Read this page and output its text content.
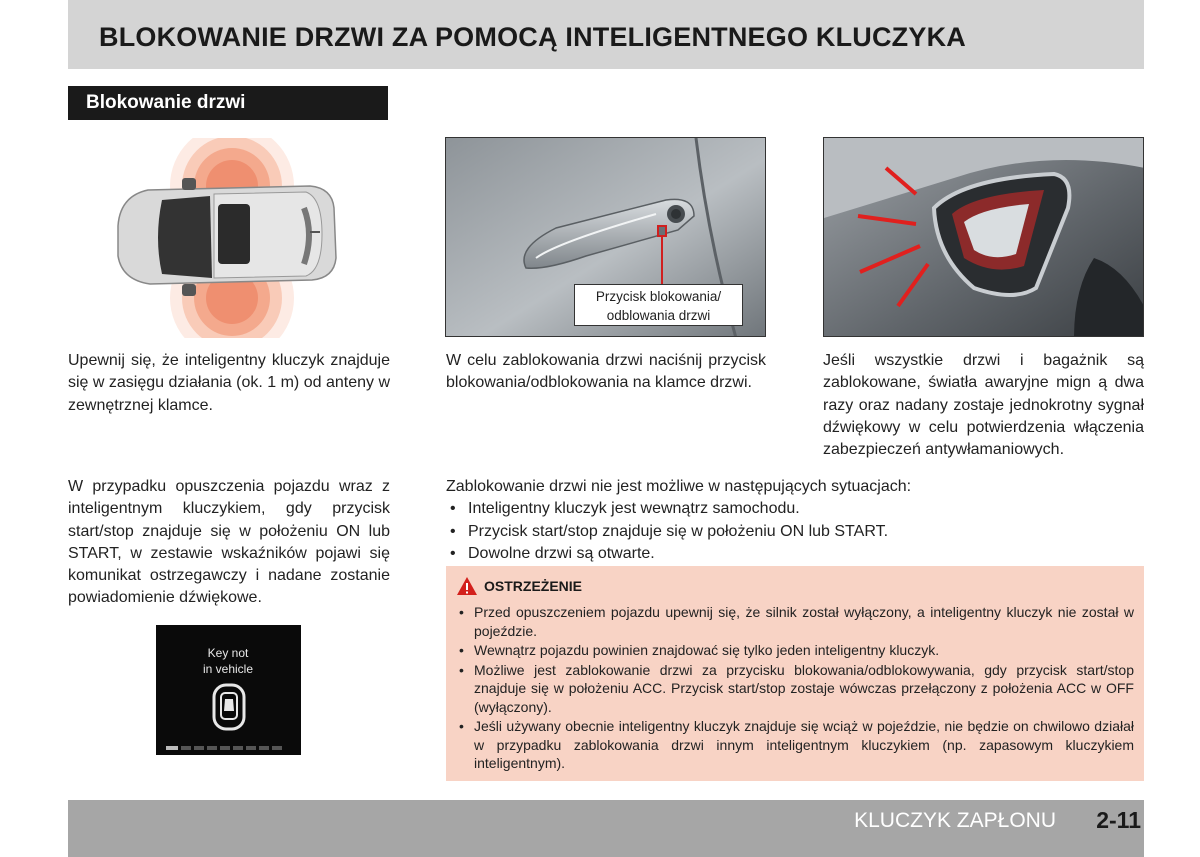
BLOKOWANIE DRZWI ZA POMOCĄ INTELIGENTNEGO KLUCZYKA
Blokowanie drzwi
Przycisk blokowania/ odblowania drzwi

Upewnij się, że inteligentny kluczyk znajduje się w zasięgu działania (ok. 1 m) od anteny w zewnętrznej klamce.

W celu zablokowania drzwi naciśnij przycisk blokowania/odblokowania na klamce drzwi.

Jeśli wszystkie drzwi i bagażnik są zablokowane, światła awaryjne mign ą dwa razy oraz nadany zostaje jednokrotny sygnał dźwiękowy w celu potwierdzenia włączenia zabezpieczeń antywłamaniowych.

W przypadku opuszczenia pojazdu wraz z inteligentnym kluczykiem, gdy przycisk start/stop znajduje się w położeniu ON lub START, w zestawie wskaźników pojawi się komunikat ostrzegawczy i nadane zostanie powiadomienie dźwiękowe.

Zablokowanie drzwi nie jest możliwe w następujących sytuacjach:
• Inteligentny kluczyk jest wewnątrz samochodu.
• Przycisk start/stop znajduje się w położeniu ON lub START.
• Dowolne drzwi są otwarte.
OSTRZEŻENIE
• Przed opuszczeniem pojazdu upewnij się, że silnik został wyłączony, a inteligentny kluczyk nie został w pojeździe.
• Wewnątrz pojazdu powinien znajdować się tylko jeden inteligentny kluczyk.
• Możliwe jest zablokowanie drzwi za przycisku blokowania/odblokowywania, gdy przycisk start/stop znajduje się w położeniu ACC. Przycisk start/stop zostaje wówczas przełączony z położenia ACC w OFF (wyłączony).
• Jeśli używany obecnie inteligentny kluczyk znajduje się wciąż w pojeździe, nie będzie on chwilowo działał w przypadku zablokowania drzwi innym inteligentnym kluczykiem (np. zapasowym kluczykiem inteligentnym).
Key not
in vehicle
KLUCZYK ZAPŁONU 2-11
